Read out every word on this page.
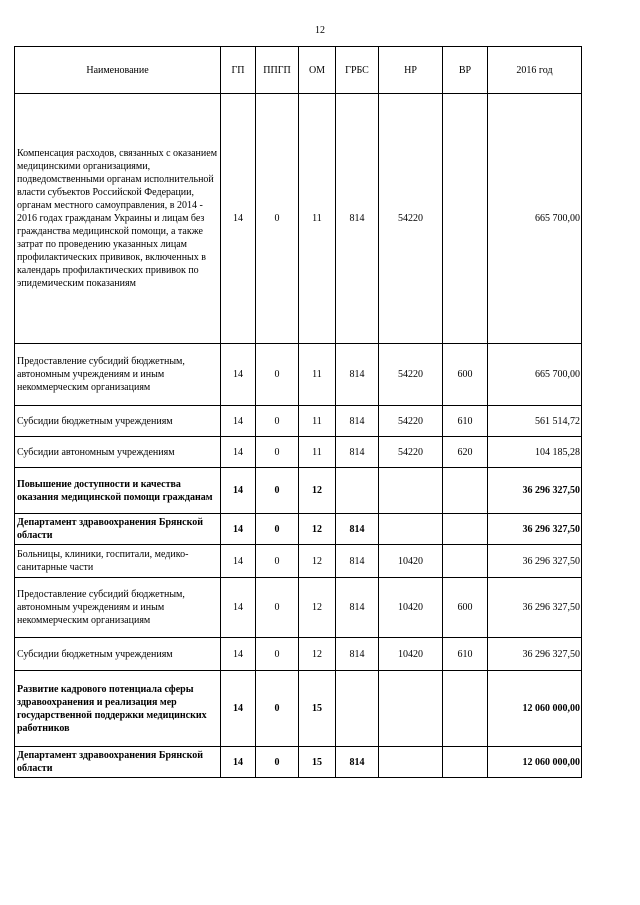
12
Наименование	ГП	ППГП	ОМ	ГРБС	НР	ВР	2016 год
Компенсация расходов, связанных с оказанием медицинскими организациями, подведомственными органам исполнительной власти субъектов Российской Федерации, органам местного самоуправления, в 2014 - 2016 годах гражданам Украины и лицам без гражданства медицинской помощи, а также затрат по проведению указанных лицам профилактических прививок, включенных в календарь профилактических прививок по эпидемическим показаниям	14	0	11	814	54220		665 700,00
Предоставление субсидий бюджетным, автономным учреждениям и иным некоммерческим организациям	14	0	11	814	54220	600	665 700,00
Субсидии бюджетным учреждениям	14	0	11	814	54220	610	561 514,72
Субсидии автономным учреждениям	14	0	11	814	54220	620	104 185,28
Повышение доступности и качества оказания медицинской помощи гражданам	14	0	12				36 296 327,50
Департамент здравоохранения Брянской области	14	0	12	814			36 296 327,50
Больницы, клиники, госпитали, медико-санитарные части	14	0	12	814	10420		36 296 327,50
Предоставление субсидий бюджетным, автономным учреждениям и иным некоммерческим организациям	14	0	12	814	10420	600	36 296 327,50
Субсидии бюджетным учреждениям	14	0	12	814	10420	610	36 296 327,50
Развитие кадрового потенциала сферы здравоохранения и реализация мер государственной поддержки медицинских работников	14	0	15				12 060 000,00
Департамент здравоохранения Брянской области	14	0	15	814			12 060 000,00
